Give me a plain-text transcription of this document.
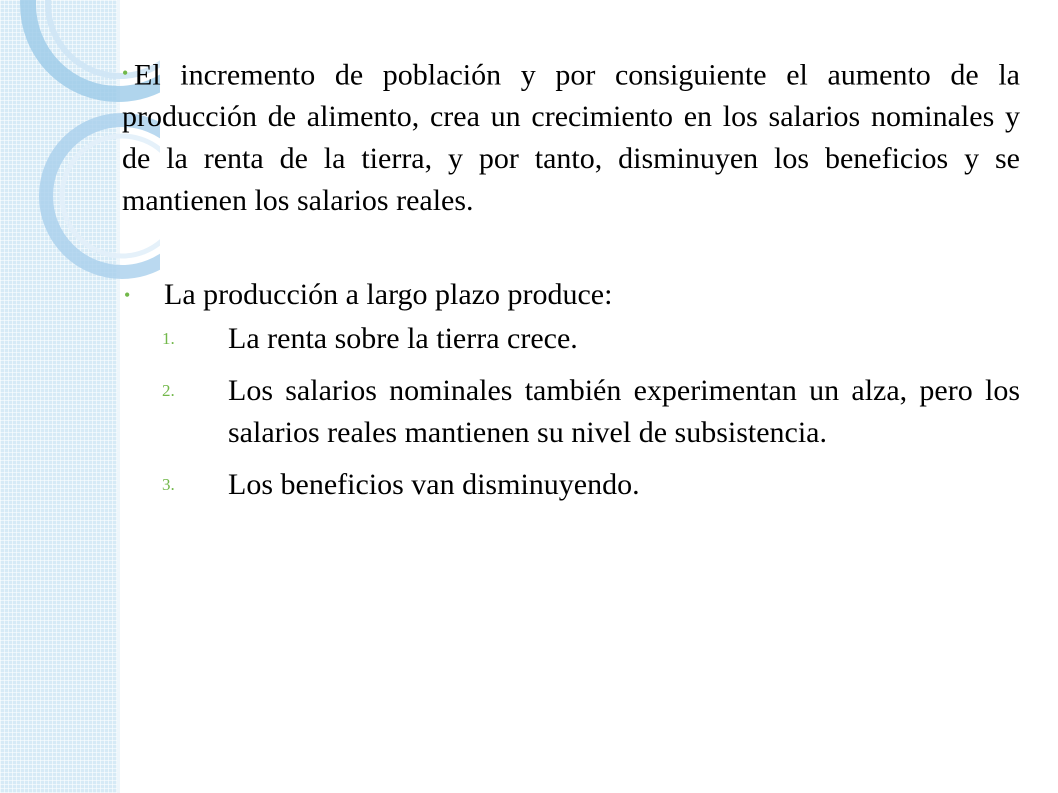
• El incremento de población y por consiguiente el aumento de la producción de alimento, crea un crecimiento en los salarios nominales y de la renta de la tierra, y por tanto, disminuyen los beneficios y se mantienen los salarios reales.

• La producción a largo plazo produce:
1. La renta sobre la tierra crece.
2. Los salarios nominales también experimentan un alza, pero los salarios reales mantienen su nivel de subsistencia.
3. Los beneficios van disminuyendo.
